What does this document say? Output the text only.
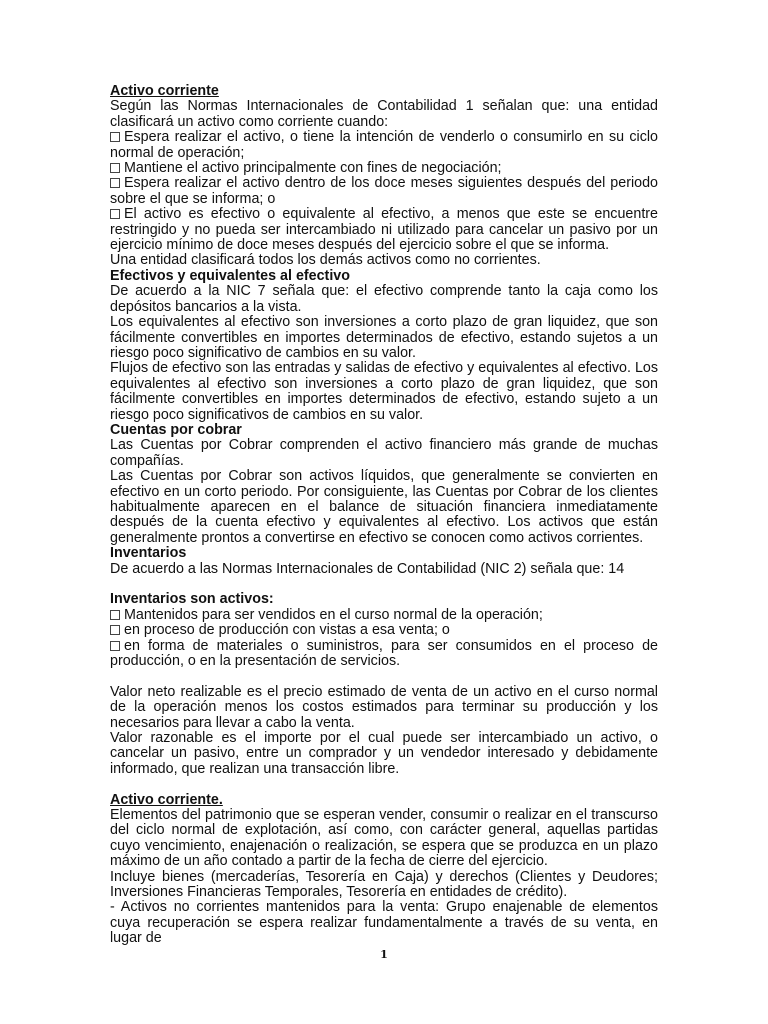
Activo corriente

Según las Normas Internacionales de Contabilidad 1 señalan que: una entidad clasificará un activo como corriente cuando:

Espera realizar el activo, o tiene la intención de venderlo o consumirlo en su ciclo normal de operación;

Mantiene el activo principalmente con fines de negociación;

Espera realizar el activo dentro de los doce meses siguientes después del periodo sobre el que se informa; o

El activo es efectivo o equivalente al efectivo, a menos que este se encuentre restringido y no pueda ser intercambiado ni utilizado para cancelar un pasivo por un ejercicio mínimo de doce meses después del ejercicio sobre el que se informa.

Una entidad clasificará todos los demás activos como no corrientes.

Efectivos y equivalentes al efectivo

De acuerdo a la NIC 7 señala que: el efectivo comprende tanto la caja como los depósitos bancarios a la vista.

Los equivalentes al efectivo son inversiones a corto plazo de gran liquidez, que son fácilmente convertibles en importes determinados de efectivo, estando sujetos a un riesgo poco significativo de cambios en su valor.

Flujos de efectivo son las entradas y salidas de efectivo y equivalentes al efectivo. Los equivalentes al efectivo son inversiones a corto plazo de gran liquidez, que son fácilmente convertibles en importes determinados de efectivo, estando sujeto a un riesgo poco significativos de cambios en su valor.

Cuentas por cobrar

Las Cuentas por Cobrar comprenden el activo financiero más grande de muchas compañías.

Las Cuentas por Cobrar son activos líquidos, que generalmente se convierten en efectivo en un corto periodo. Por consiguiente, las Cuentas por Cobrar de los clientes habitualmente aparecen en el balance de situación financiera inmediatamente después de la cuenta efectivo y equivalentes al efectivo. Los activos que están generalmente prontos a convertirse en efectivo se conocen como activos corrientes.

Inventarios

De acuerdo a las Normas Internacionales de Contabilidad (NIC 2) señala que: 14

Inventarios son activos:

Mantenidos para ser vendidos en el curso normal de la operación;

en proceso de producción con vistas a esa venta; o

en forma de materiales o suministros, para ser consumidos en el proceso de producción, o en la presentación de servicios.

Valor neto realizable es el precio estimado de venta de un activo en el curso normal de la operación menos los costos estimados para terminar su producción y los necesarios para llevar a cabo la venta.

Valor razonable es el importe por el cual puede ser intercambiado un activo, o cancelar un pasivo, entre un comprador y un vendedor interesado y debidamente informado, que realizan una transacción libre.

Activo corriente.

Elementos del patrimonio que se esperan vender, consumir o realizar en el transcurso del ciclo normal de explotación, así como, con carácter general, aquellas partidas cuyo vencimiento, enajenación o realización, se espera que se produzca en un plazo máximo de un año contado a partir de la fecha de cierre del ejercicio.

Incluye bienes (mercaderías, Tesorería en Caja) y derechos (Clientes y Deudores; Inversiones Financieras Temporales, Tesorería en entidades de crédito).

- Activos no corrientes mantenidos para la venta: Grupo enajenable de elementos cuya recuperación se espera realizar fundamentalmente a través de su venta, en lugar de

1
